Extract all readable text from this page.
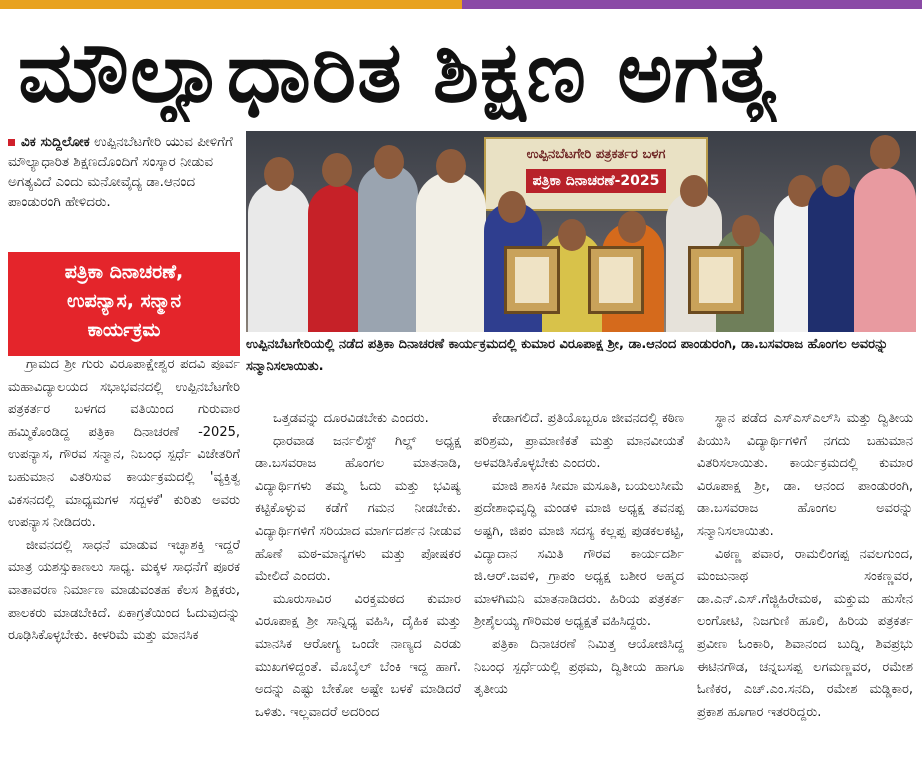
ಮೌಲ್ಯಾಧಾರಿತ ಶಿಕ್ಷಣ ಅಗತ್ಯ
ವಿಕ ಸುದ್ದಿಲೋಕ ಉಪ್ಪಿನಬೆಟಗೇರಿ ಯುವ ಪೀಳಿಗೆಗೆ ಮೌಲ್ಯಾಧಾರಿತ ಶಿಕ್ಷಣದೊಂದಿಗೆ ಸಂಸ್ಕಾರ ನೀಡುವ ಅಗತ್ಯವಿದೆ ಎಂದು ಮನೋವೈದ್ಯ ಡಾ.ಆನಂದ ಪಾಂಡುರಂಗಿ ಹೇಳಿದರು.
ಪತ್ರಿಕಾ ದಿನಾಚರಣೆ,
ಉಪನ್ಯಾಸ, ಸನ್ಮಾನ
ಕಾರ್ಯಕ್ರಮ
ಉಪ್ಪಿನಬೆಟಗೇರಿ ಪತ್ರಕರ್ತರ ಬಳಗ
ಪತ್ರಿಕಾ ದಿನಾಚರಣೆ-2025
ಉಪ್ಪಿನಬೆಟಗೇರಿಯಲ್ಲಿ ನಡೆದ ಪತ್ರಿಕಾ ದಿನಾಚರಣೆ ಕಾರ್ಯಕ್ರಮದಲ್ಲಿ ಕುಮಾರ ವಿರೂಪಾಕ್ಷ ಶ್ರೀ, ಡಾ.ಆನಂದ ಪಾಂಡುರಂಗಿ, ಡಾ.ಬಸವರಾಜ ಹೊಂಗಲ ಅವರನ್ನು ಸನ್ಮಾನಿಸಲಾಯಿತು.

ಗ್ರಾಮದ ಶ್ರೀ ಗುರು ವಿರೂಪಾಕ್ಷೇಶ್ವರ ಪದವಿ ಪೂರ್ವ ಮಹಾವಿದ್ಯಾಲಯದ ಸಭಾಭವನದಲ್ಲಿ ಉಪ್ಪಿನಬೆಟಗೇರಿ ಪತ್ರಕರ್ತರ ಬಳಗದ ವತಿಯಿಂದ ಗುರುವಾರ ಹಮ್ಮಿಕೊಂಡಿದ್ದ ಪತ್ರಿಕಾ ದಿನಾಚರಣೆ -2025, ಉಪನ್ಯಾಸ, ಗೌರವ ಸನ್ಮಾನ, ನಿಬಂಧ ಸ್ಪರ್ಧೆ ವಿಜೇತರಿಗೆ ಬಹುಮಾನ ವಿತರಿಸುವ ಕಾರ್ಯಕ್ರಮದಲ್ಲಿ 'ವ್ಯಕ್ತಿತ್ವ ವಿಕಸನದಲ್ಲಿ ಮಾಧ್ಯಮಗಳ ಸದ್ಬಳಕೆ' ಕುರಿತು ಅವರು ಉಪನ್ಯಾಸ ನೀಡಿದರು.

ಜೀವನದಲ್ಲಿ ಸಾಧನೆ ಮಾಡುವ ಇಚ್ಛಾಶಕ್ತಿ ಇದ್ದರೆ ಮಾತ್ರ ಯಶಸ್ಸುಕಾಣಲು ಸಾಧ್ಯ. ಮಕ್ಕಳ ಸಾಧನೆಗೆ ಪೂರಕ ವಾತಾವರಣ ನಿರ್ಮಾಣ ಮಾಡುವಂತಹ ಕೆಲಸ ಶಿಕ್ಷಕರು, ಪಾಲಕರು ಮಾಡಬೇಕಿದೆ. ಏಕಾಗ್ರತೆಯಿಂದ ಓದುವುದನ್ನು ರೂಢಿಸಿಕೊಳ್ಳಬೇಕು. ಕೀಳರಿಮೆ ಮತ್ತು ಮಾನಸಿಕ

ಒತ್ತಡವನ್ನು ದೂರವಿಡಬೇಕು ಎಂದರು.

ಧಾರವಾಡ ಜರ್ನಲಿಸ್ಟ್ ಗಿಲ್ಡ್ ಅಧ್ಯಕ್ಷ ಡಾ.ಬಸವರಾಜ ಹೊಂಗಲ ಮಾತನಾಡಿ, ವಿದ್ಯಾರ್ಥಿಗಳು ತಮ್ಮ ಓದು ಮತ್ತು ಭವಿಷ್ಯ ಕಟ್ಟಿಕೊಳ್ಳುವ ಕಡೆಗೆ ಗಮನ ನೀಡಬೇಕು. ವಿದ್ಯಾರ್ಥಿಗಳಿಗೆ ಸರಿಯಾದ ಮಾರ್ಗದರ್ಶನ ನೀಡುವ ಹೊಣೆ ಮಠ-ಮಾನ್ಯಗಳು ಮತ್ತು ಪೋಷಕರ ಮೇಲಿದೆ ಎಂದರು.

ಮೂರುಸಾವಿರ ವಿರಕ್ತಮಠದ ಕುಮಾರ ವಿರೂಪಾಕ್ಷ ಶ್ರೀ ಸಾನ್ನಿಧ್ಯ ವಹಿಸಿ, ದೈಹಿಕ ಮತ್ತು ಮಾನಸಿಕ ಆರೋಗ್ಯ ಒಂದೇ ನಾಣ್ಯದ ಎರಡು ಮುಖಗಳಿದ್ದಂತೆ. ಮೊಬೈಲ್ ಬೆಂಕಿ ಇದ್ದ ಹಾಗೆ. ಅದನ್ನು ಎಷ್ಟು ಬೇಕೋ ಅಷ್ಟೇ ಬಳಕೆ ಮಾಡಿದರೆ ಒಳಿತು. ಇಲ್ಲವಾದರೆ ಅದರಿಂದ

ಕೇಡಾಗಲಿದೆ. ಪ್ರತಿಯೊಬ್ಬರೂ ಜೀವನದಲ್ಲಿ ಕಠಿಣ ಪರಿಶ್ರಮ, ಪ್ರಾಮಾಣಿಕತೆ ಮತ್ತು ಮಾನವೀಯತೆ ಅಳವಡಿಸಿಕೊಳ್ಳಬೇಕು ಎಂದರು.

ಮಾಜಿ ಶಾಸಕಿ ಸೀಮಾ ಮಸೂತಿ, ಬಯಲುಸೀಮೆ ಪ್ರದೇಶಾಭಿವೃದ್ಧಿ ಮಂಡಳಿ ಮಾಜಿ ಅಧ್ಯಕ್ಷ ತವನಪ್ಪ ಅಷ್ಟಗಿ, ಜಿಪಂ ಮಾಜಿ ಸದಸ್ಯ ಕಲ್ಲಪ್ಪ ಪುಡಕಲಕಟ್ಟಿ, ವಿದ್ಯಾದಾನ ಸಮಿತಿ ಗೌರವ ಕಾರ್ಯದರ್ಶಿ ಜಿ.ಆರ್.ಜವಳಿ, ಗ್ರಾಪಂ ಅಧ್ಯಕ್ಷ ಬಶೀರ ಅಹ್ಮದ ಮಾಳಗಿಮನಿ ಮಾತನಾಡಿದರು. ಹಿರಿಯ ಪತ್ರಕರ್ತ ಶ್ರೀಶೈಲಯ್ಯ ಗೌರಿಮಠ ಅಧ್ಯಕ್ಷತೆ ವಹಿಸಿದ್ದರು.

ಪತ್ರಿಕಾ ದಿನಾಚರಣೆ ನಿಮಿತ್ತ ಆಯೋಜಿಸಿದ್ದ ನಿಬಂಧ ಸ್ಪರ್ಧೆಯಲ್ಲಿ ಪ್ರಥಮ, ದ್ವಿತೀಯ ಹಾಗೂ ತೃತೀಯ

ಸ್ಥಾನ ಪಡೆದ ಎಸ್ಎಸ್ಎಲ್‌ಸಿ ಮತ್ತು ದ್ವಿತೀಯ ಪಿಯುಸಿ ವಿದ್ಯಾರ್ಥಿಗಳಿಗೆ ನಗದು ಬಹುಮಾನ ವಿತರಿಸಲಾಯಿತು. ಕಾರ್ಯಕ್ರಮದಲ್ಲಿ ಕುಮಾರ ವಿರೂಪಾಕ್ಷ ಶ್ರೀ, ಡಾ. ಆನಂದ ಪಾಂಡುರಂಗಿ, ಡಾ.ಬಸವರಾಜ ಹೊಂಗಲ ಅವರನ್ನು ಸನ್ಮಾನಿಸಲಾಯಿತು.

ವಿಠಣ್ಣ ಪವಾರ, ರಾಮಲಿಂಗಪ್ಪ ನವಲಗುಂದ, ಮಂಜುನಾಥ ಸಂಕಣ್ಣವರ, ಡಾ.ಎನ್.ಎಸ್.ಗೆಜ್ಜಿಹಿರೇಮಠ, ಮಕ್ತುಮ ಹುಸೇನ ಲಂಗೋಟಿ, ನಿಜಗುಣಿ ಹೂಲಿ, ಹಿರಿಯ ಪತ್ರಕರ್ತ ಪ್ರವೀಣ ಓಂಕಾರಿ, ಶಿವಾನಂದ ಬುದ್ನಿ, ಶಿವಪ್ರಭು ಈಟಿನಗೌಡ, ಚನ್ನಬಸಪ್ಪ ಲಗಮಣ್ಣವರ, ರಮೇಶ ಓಣಿಕರ, ಎಚ್.ಎಂ.ಸನದಿ, ರಮೇಶ ಮಡ್ಡಿಕಾರ, ಪ್ರಕಾಶ ಹೂಗಾರ ಇತರರಿದ್ದರು.
